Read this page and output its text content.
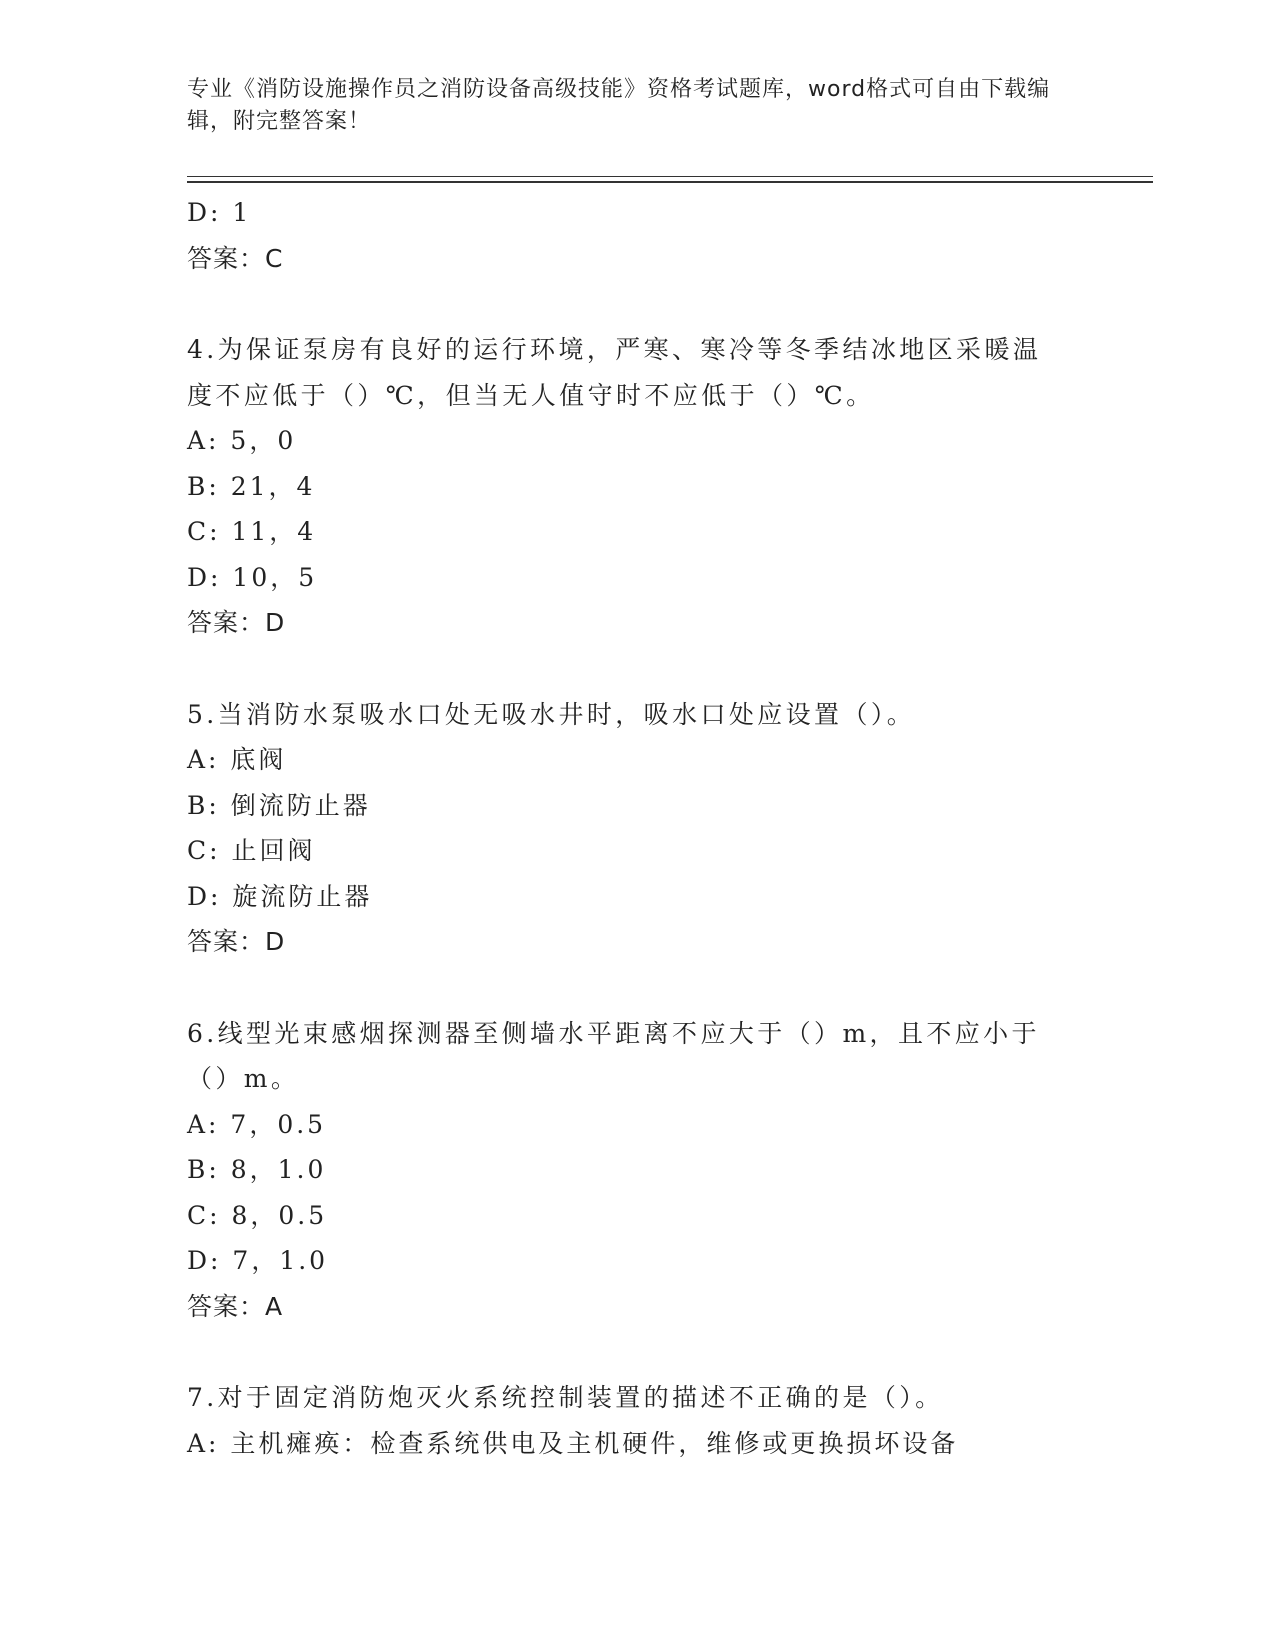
专业《消防设施操作员之消防设备高级技能》资格考试题库，word格式可自由下载编辑，附完整答案！
D: 1
答案：C
4.为保证泵房有良好的运行环境，严寒、寒冷等冬季结冰地区采暖温度不应低于（）℃，但当无人值守时不应低于（）℃。
A: 5，0
B: 21，4
C: 11，4
D: 10，5
答案：D
5.当消防水泵吸水口处无吸水井时，吸水口处应设置（）。
A: 底阀
B: 倒流防止器
C: 止回阀
D: 旋流防止器
答案：D
6.线型光束感烟探测器至侧墙水平距离不应大于（）m，且不应小于（）m。
A: 7，0.5
B: 8，1.0
C: 8，0.5
D: 7，1.0
答案：A
7.对于固定消防炮灭火系统控制装置的描述不正确的是（）。
A: 主机瘫痪：检查系统供电及主机硬件，维修或更换损坏设备
